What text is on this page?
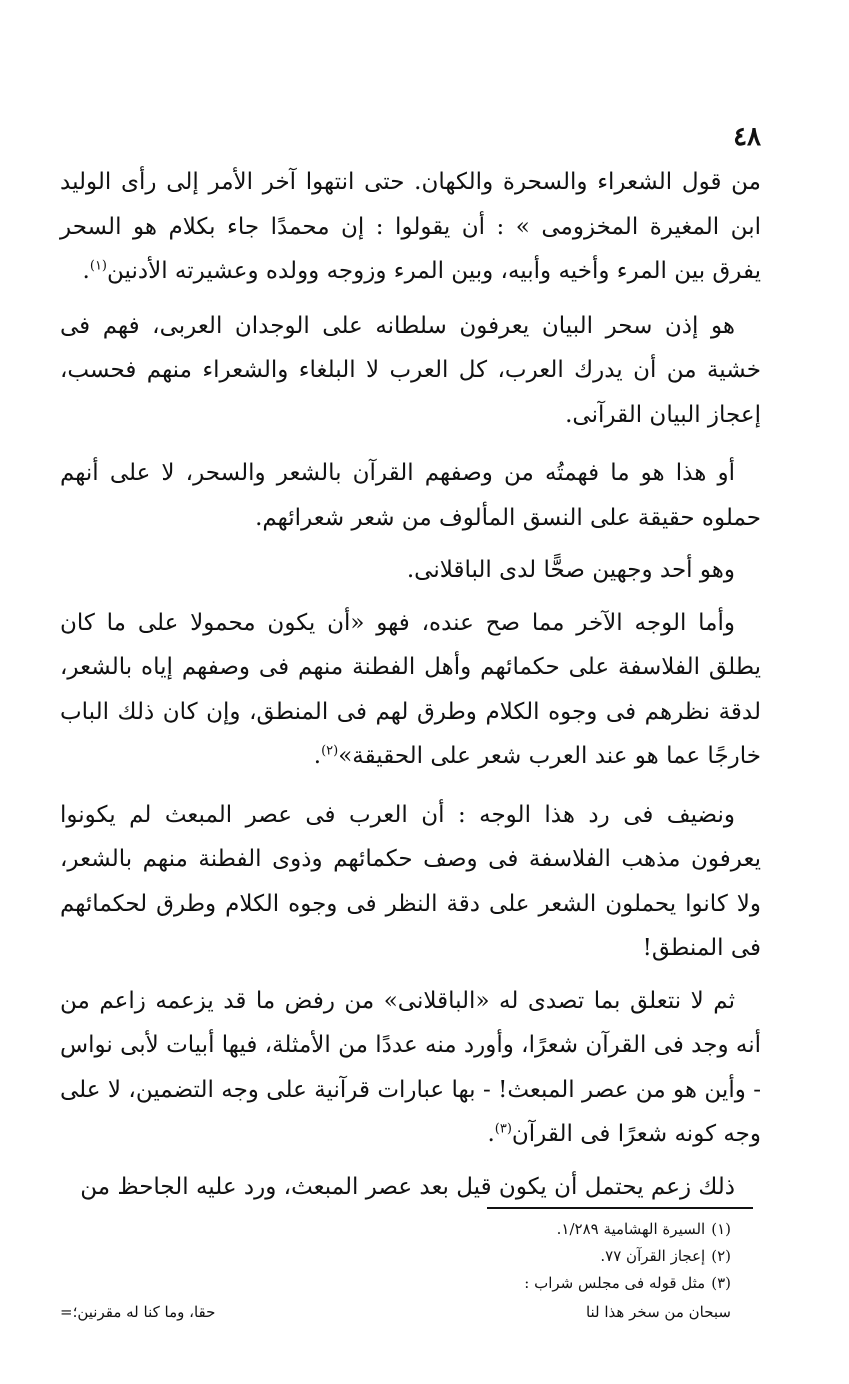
٤٨

من قول الشعراء والسحرة والكهان. حتى انتهوا آخر الأمر إلى رأى الوليد ابن المغيرة المخزومى » : أن يقولوا : إن محمدًا جاء بكلام هو السحر يفرق بين المرء وأخيه وأبيه، وبين المرء وزوجه وولده وعشيرته الأدنين$^{(١)}$.

هو إذن سحر البيان يعرفون سلطانه على الوجدان العربى، فهم فى خشية من أن يدرك العرب، كل العرب لا البلغاء والشعراء منهم فحسب، إعجاز البيان القرآنى.

أو هذا هو ما فهمتُه من وصفهم القرآن بالشعر والسحر، لا على أنهم حملوه حقيقة على النسق المألوف من شعر شعرائهم.

وهو أحد وجهين صحًّا لدى الباقلانى.

وأما الوجه الآخر مما صح عنده، فهو «أن يكون محمولا على ما كان يطلق الفلاسفة على حكمائهم وأهل الفطنة منهم فى وصفهم إياه بالشعر، لدقة نظرهم فى وجوه الكلام وطرق لهم فى المنطق، وإن كان ذلك الباب خارجًا عما هو عند العرب شعر على الحقيقة»$^{(٢)}$.

ونضيف فى رد هذا الوجه : أن العرب فى عصر المبعث لم يكونوا يعرفون مذهب الفلاسفة فى وصف حكمائهم وذوى الفطنة منهم بالشعر، ولا كانوا يحملون الشعر على دقة النظر فى وجوه الكلام وطرق لحكمائهم فى المنطق!

ثم لا نتعلق بما تصدى له «الباقلانى» من رفض ما قد يزعمه زاعم من أنه وجد فى القرآن شعرًا، وأورد منه عددًا من الأمثلة، فيها أبيات لأبى نواس - وأين هو من عصر المبعث! - بها عبارات قرآنية على وجه التضمين، لا على وجه كونه شعرًا فى القرآن$^{(٣)}$.

ذلك زعم يحتمل أن يكون قيل بعد عصر المبعث، ورد عليه الجاحظ من

(١)السيرة الهشامية ١/٢٨٩.

(٢)إعجاز القرآن ٧٧.

(٣)مثل قوله فى مجلس شراب :

سبحان من سخر هذا لنا
حقا، وما كنا له مقرنين؛=
